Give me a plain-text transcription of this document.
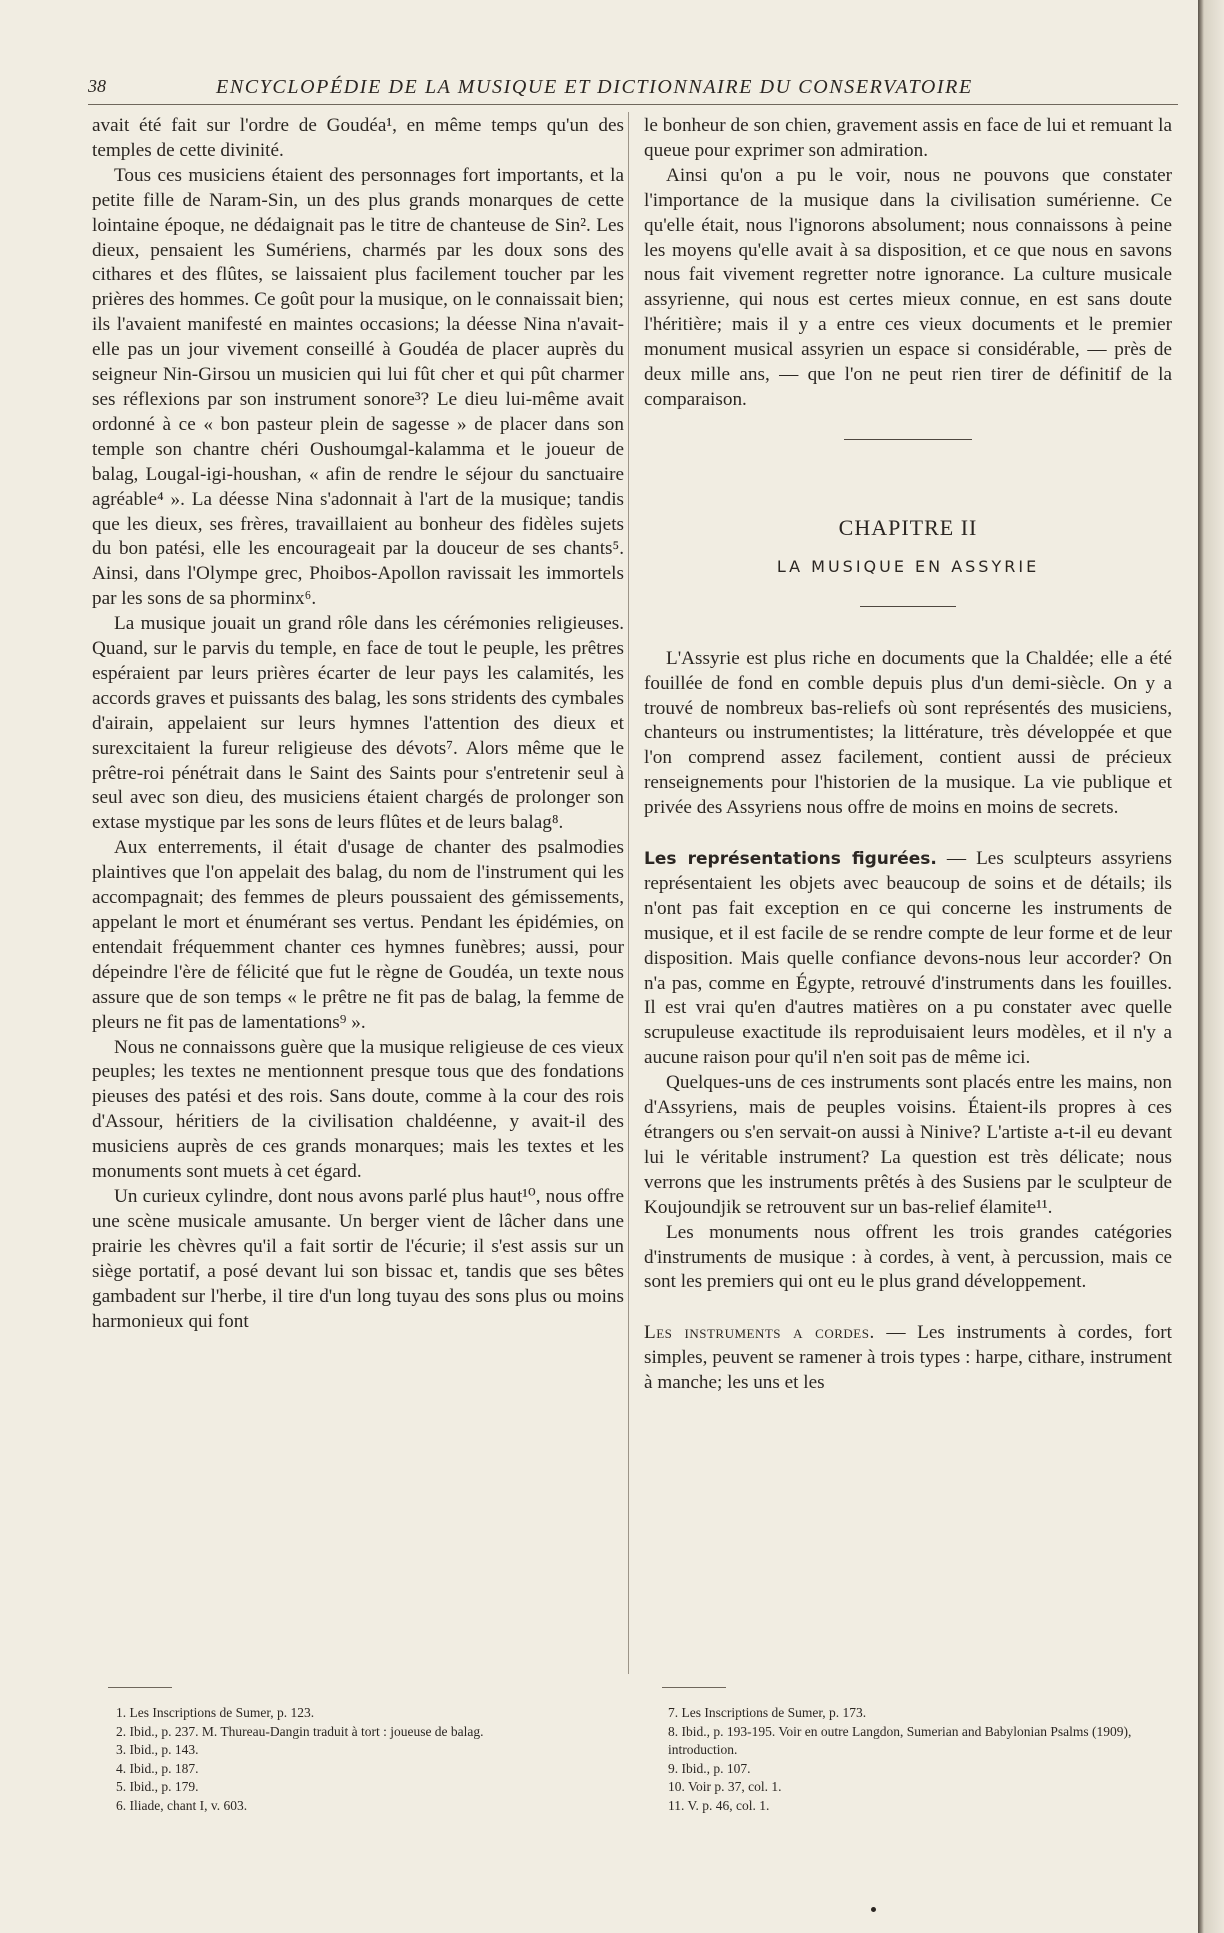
38	ENCYCLOPÉDIE DE LA MUSIQUE ET DICTIONNAIRE DU CONSERVATOIRE

avait été fait sur l'ordre de Goudéa¹, en même temps qu'un des temples de cette divinité.

Tous ces musiciens étaient des personnages fort importants, et la petite fille de Naram-Sin, un des plus grands monarques de cette lointaine époque, ne dédaignait pas le titre de chanteuse de Sin². Les dieux, pensaient les Sumériens, charmés par les doux sons des cithares et des flûtes, se laissaient plus facilement toucher par les prières des hommes. Ce goût pour la musique, on le connaissait bien; ils l'avaient manifesté en maintes occasions; la déesse Nina n'avait-elle pas un jour vivement conseillé à Goudéa de placer auprès du seigneur Nin-Girsou un musicien qui lui fût cher et qui pût charmer ses réflexions par son instrument sonore³? Le dieu lui-même avait ordonné à ce « bon pasteur plein de sagesse » de placer dans son temple son chantre chéri Oushoumgal-kalamma et le joueur de balag, Lougal-igi-houshan, « afin de rendre le séjour du sanctuaire agréable⁴ ». La déesse Nina s'adonnait à l'art de la musique; tandis que les dieux, ses frères, travaillaient au bonheur des fidèles sujets du bon patési, elle les encourageait par la douceur de ses chants⁵. Ainsi, dans l'Olympe grec, Phoibos-Apollon ravissait les immortels par les sons de sa phorminx⁶.

La musique jouait un grand rôle dans les cérémonies religieuses. Quand, sur le parvis du temple, en face de tout le peuple, les prêtres espéraient par leurs prières écarter de leur pays les calamités, les accords graves et puissants des balag, les sons stridents des cymbales d'airain, appelaient sur leurs hymnes l'attention des dieux et surexcitaient la fureur religieuse des dévots⁷. Alors même que le prêtre-roi pénétrait dans le Saint des Saints pour s'entretenir seul à seul avec son dieu, des musiciens étaient chargés de prolonger son extase mystique par les sons de leurs flûtes et de leurs balag⁸.

Aux enterrements, il était d'usage de chanter des psalmodies plaintives que l'on appelait des balag, du nom de l'instrument qui les accompagnait; des femmes de pleurs poussaient des gémissements, appelant le mort et énumérant ses vertus. Pendant les épidémies, on entendait fréquemment chanter ces hymnes funèbres; aussi, pour dépeindre l'ère de félicité que fut le règne de Goudéa, un texte nous assure que de son temps « le prêtre ne fit pas de balag, la femme de pleurs ne fit pas de lamentations⁹ ».

Nous ne connaissons guère que la musique religieuse de ces vieux peuples; les textes ne mentionnent presque tous que des fondations pieuses des patési et des rois. Sans doute, comme à la cour des rois d'Assour, héritiers de la civilisation chaldéenne, y avait-il des musiciens auprès de ces grands monarques; mais les textes et les monuments sont muets à cet égard.

Un curieux cylindre, dont nous avons parlé plus haut¹⁰, nous offre une scène musicale amusante. Un berger vient de lâcher dans une prairie les chèvres qu'il a fait sortir de l'écurie; il s'est assis sur un siège portatif, a posé devant lui son bissac et, tandis que ses bêtes gambadent sur l'herbe, il tire d'un long tuyau des sons plus ou moins harmonieux qui font

le bonheur de son chien, gravement assis en face de lui et remuant la queue pour exprimer son admiration.

Ainsi qu'on a pu le voir, nous ne pouvons que constater l'importance de la musique dans la civilisation sumérienne. Ce qu'elle était, nous l'ignorons absolument; nous connaissons à peine les moyens qu'elle avait à sa disposition, et ce que nous en savons nous fait vivement regretter notre ignorance. La culture musicale assyrienne, qui nous est certes mieux connue, en est sans doute l'héritière; mais il y a entre ces vieux documents et le premier monument musical assyrien un espace si considérable, — près de deux mille ans, — que l'on ne peut rien tirer de définitif de la comparaison.

CHAPITRE II
LA MUSIQUE EN ASSYRIE

L'Assyrie est plus riche en documents que la Chaldée; elle a été fouillée de fond en comble depuis plus d'un demi-siècle. On y a trouvé de nombreux bas-reliefs où sont représentés des musiciens, chanteurs ou instrumentistes; la littérature, très développée et que l'on comprend assez facilement, contient aussi de précieux renseignements pour l'historien de la musique. La vie publique et privée des Assyriens nous offre de moins en moins de secrets.

Les représentations figurées. — Les sculpteurs assyriens représentaient les objets avec beaucoup de soins et de détails; ils n'ont pas fait exception en ce qui concerne les instruments de musique, et il est facile de se rendre compte de leur forme et de leur disposition. Mais quelle confiance devons-nous leur accorder? On n'a pas, comme en Égypte, retrouvé d'instruments dans les fouilles. Il est vrai qu'en d'autres matières on a pu constater avec quelle scrupuleuse exactitude ils reproduisaient leurs modèles, et il n'y a aucune raison pour qu'il n'en soit pas de même ici.

Quelques-uns de ces instruments sont placés entre les mains, non d'Assyriens, mais de peuples voisins. Étaient-ils propres à ces étrangers ou s'en servait-on aussi à Ninive? L'artiste a-t-il eu devant lui le véritable instrument? La question est très délicate; nous verrons que les instruments prêtés à des Susiens par le sculpteur de Koujoundjik se retrouvent sur un bas-relief élamite¹¹.

Les monuments nous offrent les trois grandes catégories d'instruments de musique : à cordes, à vent, à percussion, mais ce sont les premiers qui ont eu le plus grand développement.

Les instruments a cordes. — Les instruments à cordes, fort simples, peuvent se ramener à trois types : harpe, cithare, instrument à manche; les uns et les

1. Les Inscriptions de Sumer, p. 123.
2. Ibid., p. 237. M. Thureau-Dangin traduit à tort : joueuse de balag.
3. Ibid., p. 143.
4. Ibid., p. 187.
5. Ibid., p. 179.
6. Iliade, chant I, v. 603.
7. Les Inscriptions de Sumer, p. 173.
8. Ibid., p. 193-195. Voir en outre Langdon, Sumerian and Babylonian Psalms (1909), introduction.
9. Ibid., p. 107.
10. Voir p. 37, col. 1.
11. V. p. 46, col. 1.
